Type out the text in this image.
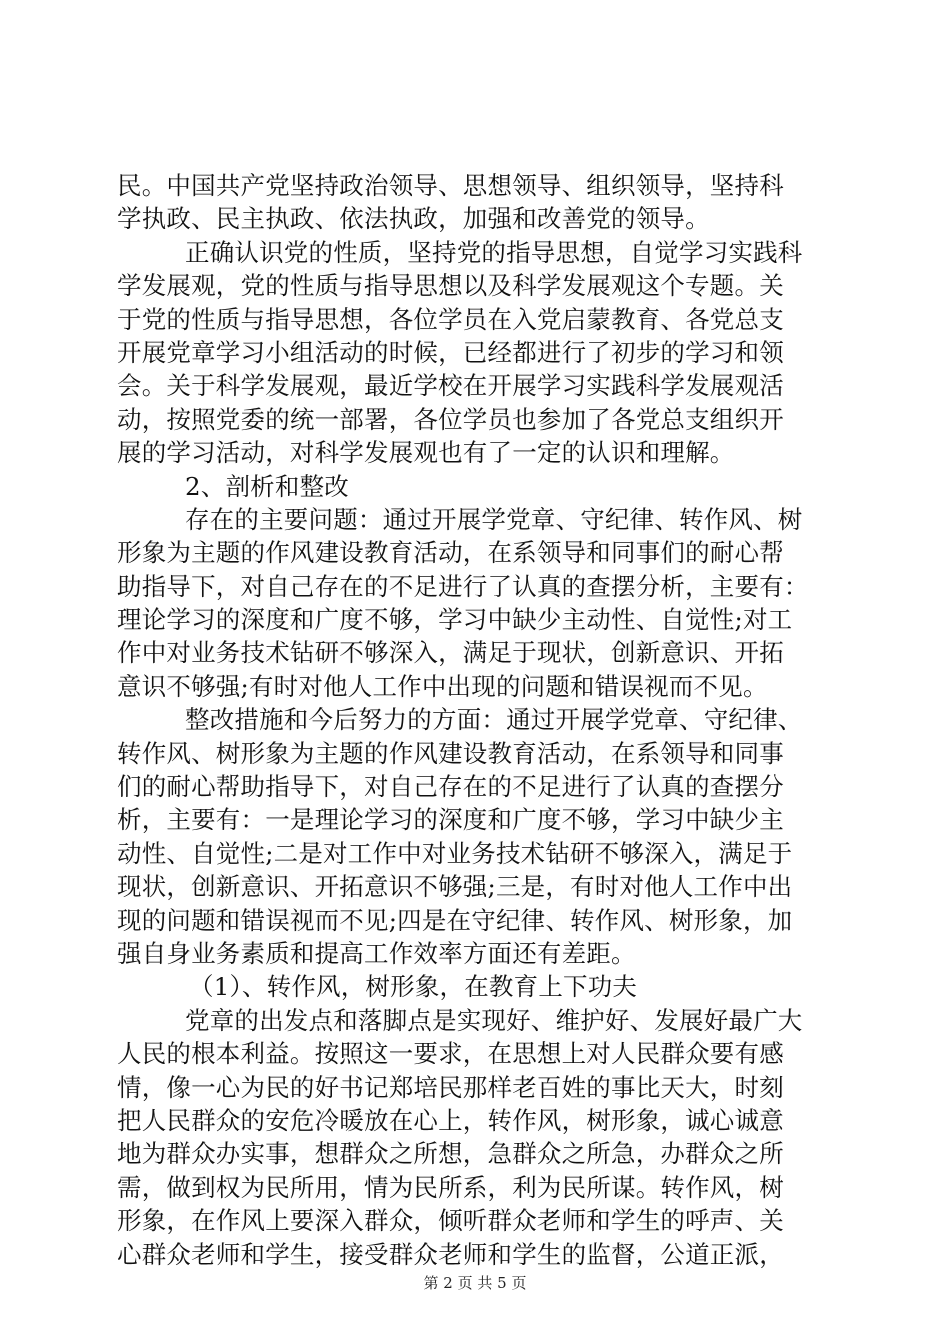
民。中国共产党坚持政治领导、思想领导、组织领导，坚持科
学执政、民主执政、依法执政，加强和改善党的领导。
正确认识党的性质，坚持党的指导思想，自觉学习实践科
学发展观，党的性质与指导思想以及科学发展观这个专题。关
于党的性质与指导思想，各位学员在入党启蒙教育、各党总支
开展党章学习小组活动的时候，已经都进行了初步的学习和领
会。关于科学发展观，最近学校在开展学习实践科学发展观活
动，按照党委的统一部署，各位学员也参加了各党总支组织开
展的学习活动，对科学发展观也有了一定的认识和理解。
2、剖析和整改
存在的主要问题：通过开展学党章、守纪律、转作风、树
形象为主题的作风建设教育活动，在系领导和同事们的耐心帮
助指导下，对自己存在的不足进行了认真的查摆分析，主要有：
理论学习的深度和广度不够，学习中缺少主动性、自觉性;对工
作中对业务技术钻研不够深入，满足于现状，创新意识、开拓
意识不够强;有时对他人工作中出现的问题和错误视而不见。
整改措施和今后努力的方面：通过开展学党章、守纪律、
转作风、树形象为主题的作风建设教育活动，在系领导和同事
们的耐心帮助指导下，对自己存在的不足进行了认真的查摆分
析，主要有：一是理论学习的深度和广度不够，学习中缺少主
动性、自觉性;二是对工作中对业务技术钻研不够深入，满足于
现状，创新意识、开拓意识不够强;三是，有时对他人工作中出
现的问题和错误视而不见;四是在守纪律、转作风、树形象，加
强自身业务素质和提高工作效率方面还有差距。
（1）、转作风，树形象，在教育上下功夫
党章的出发点和落脚点是实现好、维护好、发展好最广大
人民的根本利益。按照这一要求，在思想上对人民群众要有感
情，像一心为民的好书记郑培民那样老百姓的事比天大，时刻
把人民群众的安危冷暖放在心上，转作风，树形象，诚心诚意
地为群众办实事，想群众之所想，急群众之所急，办群众之所
需，做到权为民所用，情为民所系，利为民所谋。转作风，树
形象，在作风上要深入群众，倾听群众老师和学生的呼声、关
心群众老师和学生，接受群众老师和学生的监督，公道正派，
第 2 页 共 5 页
